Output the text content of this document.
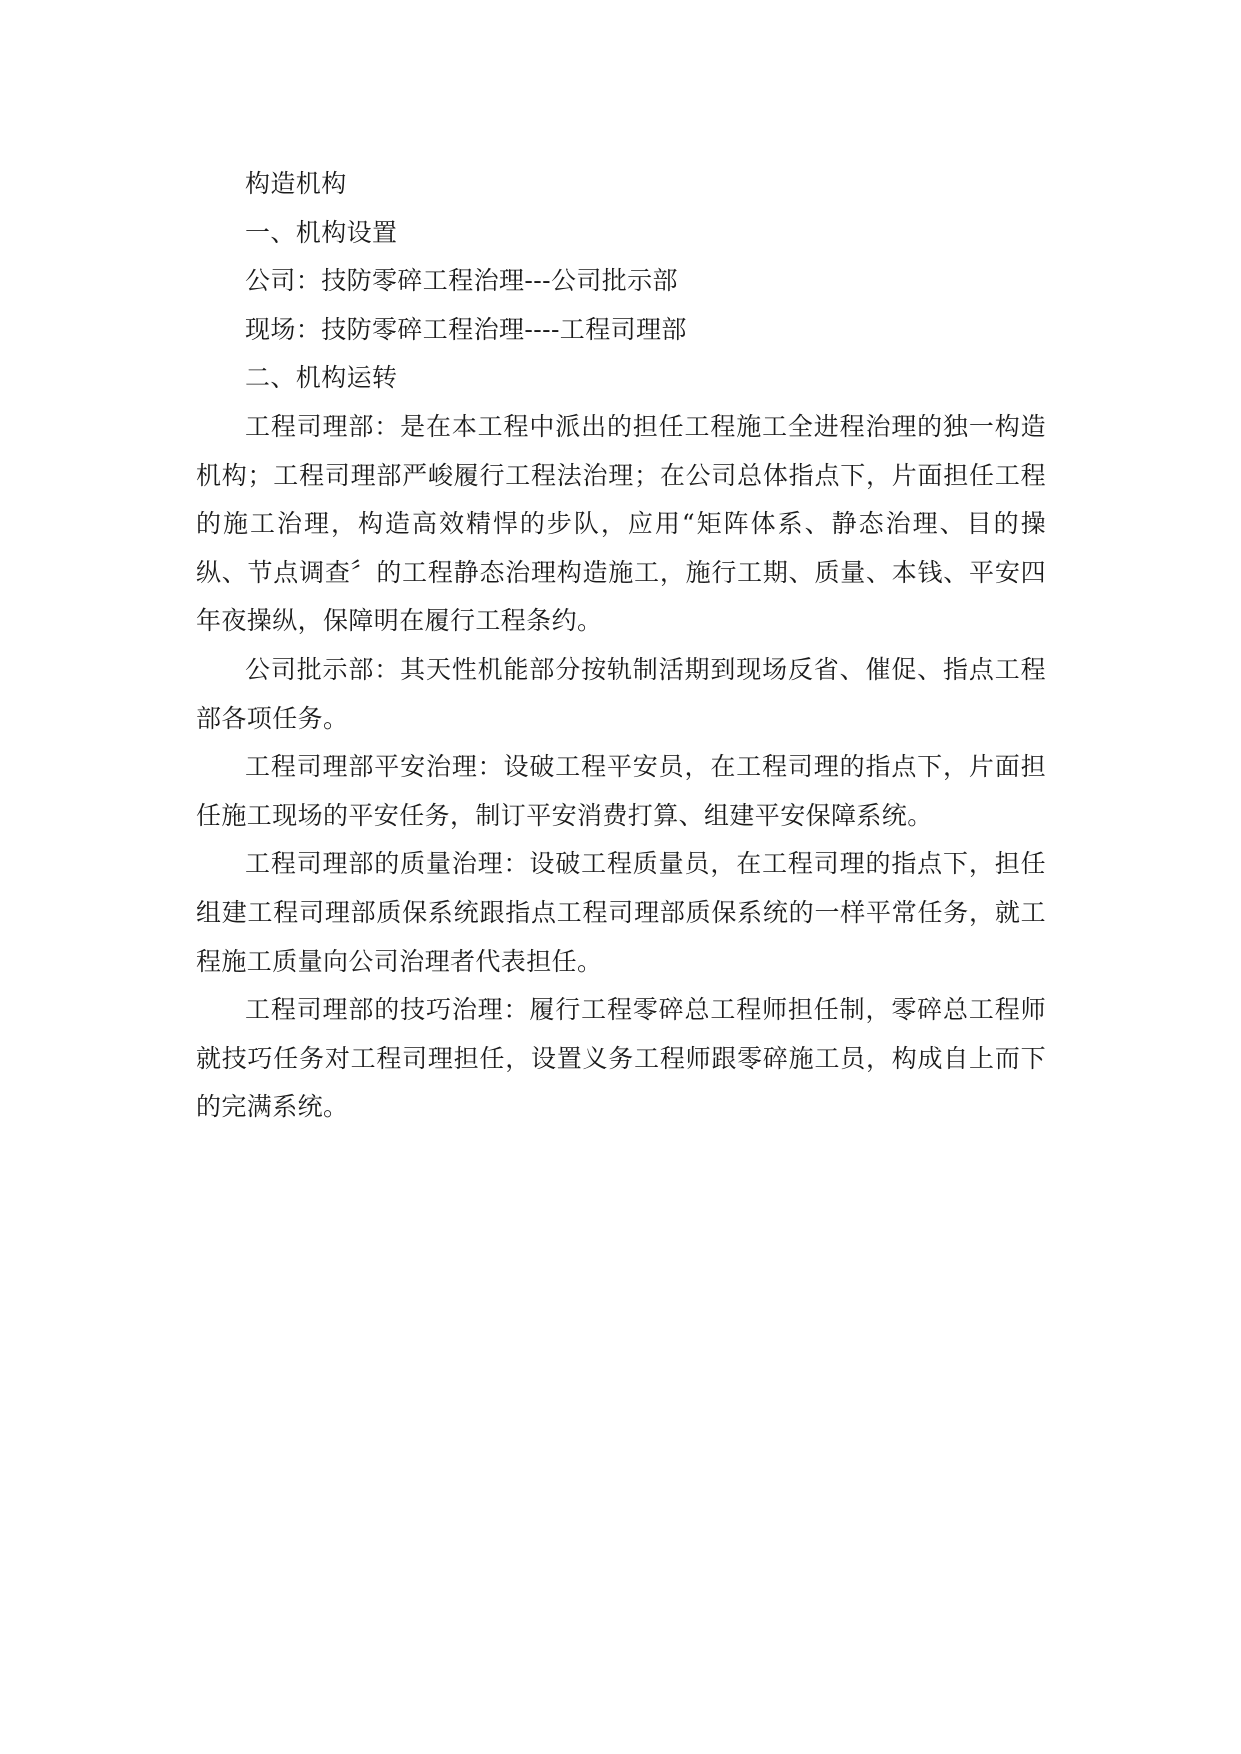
构造机构

一、机构设置

公司：技防零碎工程治理---公司批示部

现场：技防零碎工程治理----工程司理部

二、机构运转

工程司理部：是在本工程中派出的担任工程施工全进程治理的独一构造机构；工程司理部严峻履行工程法治理；在公司总体指点下，片面担任工程的施工治理，构造高效精悍的步队，应用“矩阵体系、静态治理、目的操纵、节点调查〞的工程静态治理构造施工，施行工期、质量、本钱、平安四年夜操纵，保障明在履行工程条约。

公司批示部：其天性机能部分按轨制活期到现场反省、催促、指点工程部各项任务。

工程司理部平安治理：设破工程平安员，在工程司理的指点下，片面担任施工现场的平安任务，制订平安消费打算、组建平安保障系统。

工程司理部的质量治理：设破工程质量员，在工程司理的指点下，担任组建工程司理部质保系统跟指点工程司理部质保系统的一样平常任务，就工程施工质量向公司治理者代表担任。

工程司理部的技巧治理：履行工程零碎总工程师担任制，零碎总工程师就技巧任务对工程司理担任，设置义务工程师跟零碎施工员，构成自上而下的完满系统。
